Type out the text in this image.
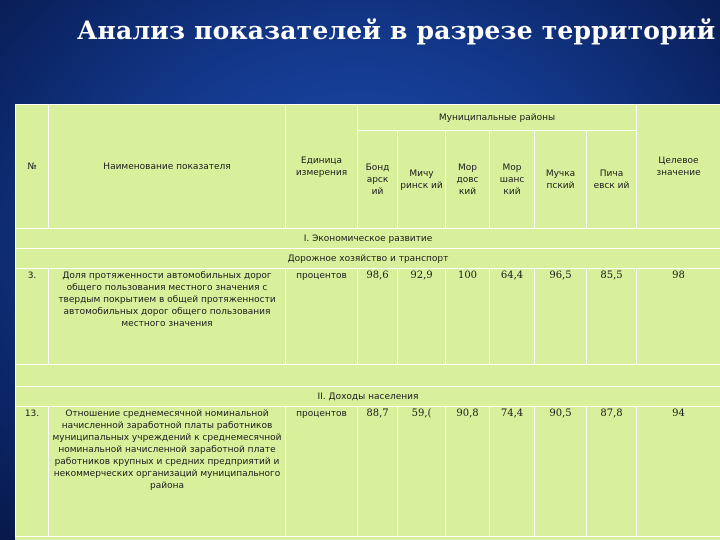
Анализ показателей в разрезе территорий
№	Наименование показателя	Единица измерения	Муниципальные районы						Целевое значение
			Бонд арск ий	Мичу ринск ий	Мор довс кий	Мор шанс кий	Мучка пский	Пича евск ий	
I. Экономическое развитие									
Дорожное хозяйство и транспорт									
3.	Доля протяженности автомобильных дорог общего пользования местного значения с твердым покрытием в общей протяженности автомобильных дорог общего пользования местного значения	процентов	98,6	92,9	100	64,4	96,5	85,5	98

II. Доходы населения									
13.	Отношение среднемесячной номинальной начисленной заработной платы работников муниципальных учреждений к среднемесячной номинальной начисленной заработной плате работников крупных и средних предприятий и некоммерческих организаций муниципального района	процентов	88,7	59,(	90,8	74,4	90,5	87,8	94
